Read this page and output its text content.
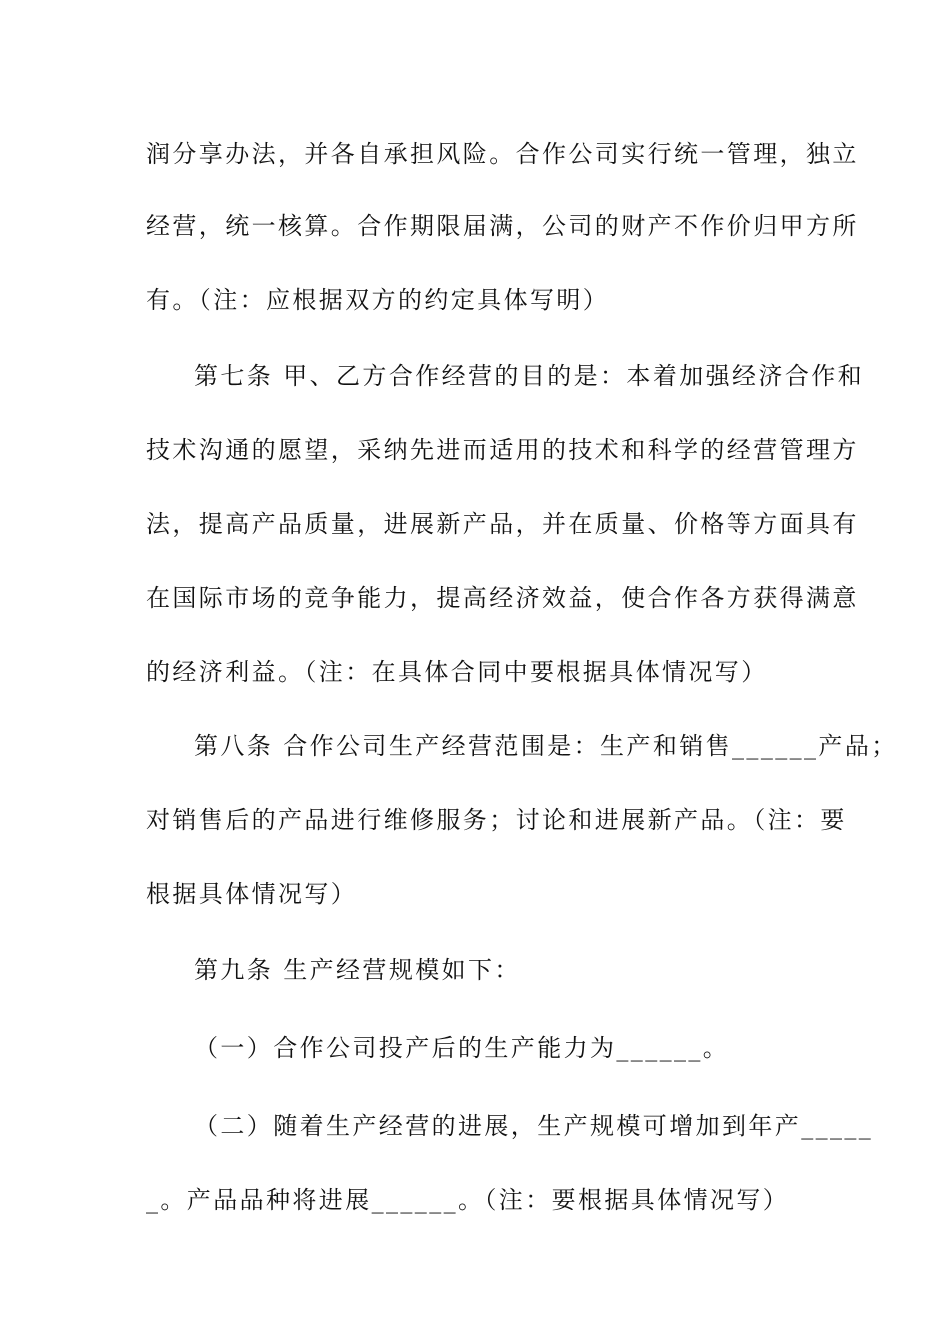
润分享办法，并各自承担风险。合作公司实行统一管理，独立
经营，统一核算。合作期限届满，公司的财产不作价归甲方所
有。（注：应根据双方的约定具体写明）
第七条 甲、乙方合作经营的目的是：本着加强经济合作和
技术沟通的愿望，采纳先进而适用的技术和科学的经营管理方
法，提高产品质量，进展新产品，并在质量、价格等方面具有
在国际市场的竞争能力，提高经济效益，使合作各方获得满意
的经济利益。（注：在具体合同中要根据具体情况写）
第八条 合作公司生产经营范围是：生产和销售______产品；
对销售后的产品进行维修服务；讨论和进展新产品。（注：要
根据具体情况写）
第九条 生产经营规模如下：
（一）合作公司投产后的生产能力为______。
（二）随着生产经营的进展，生产规模可增加到年产_____
_。产品品种将进展______。（注：要根据具体情况写）
